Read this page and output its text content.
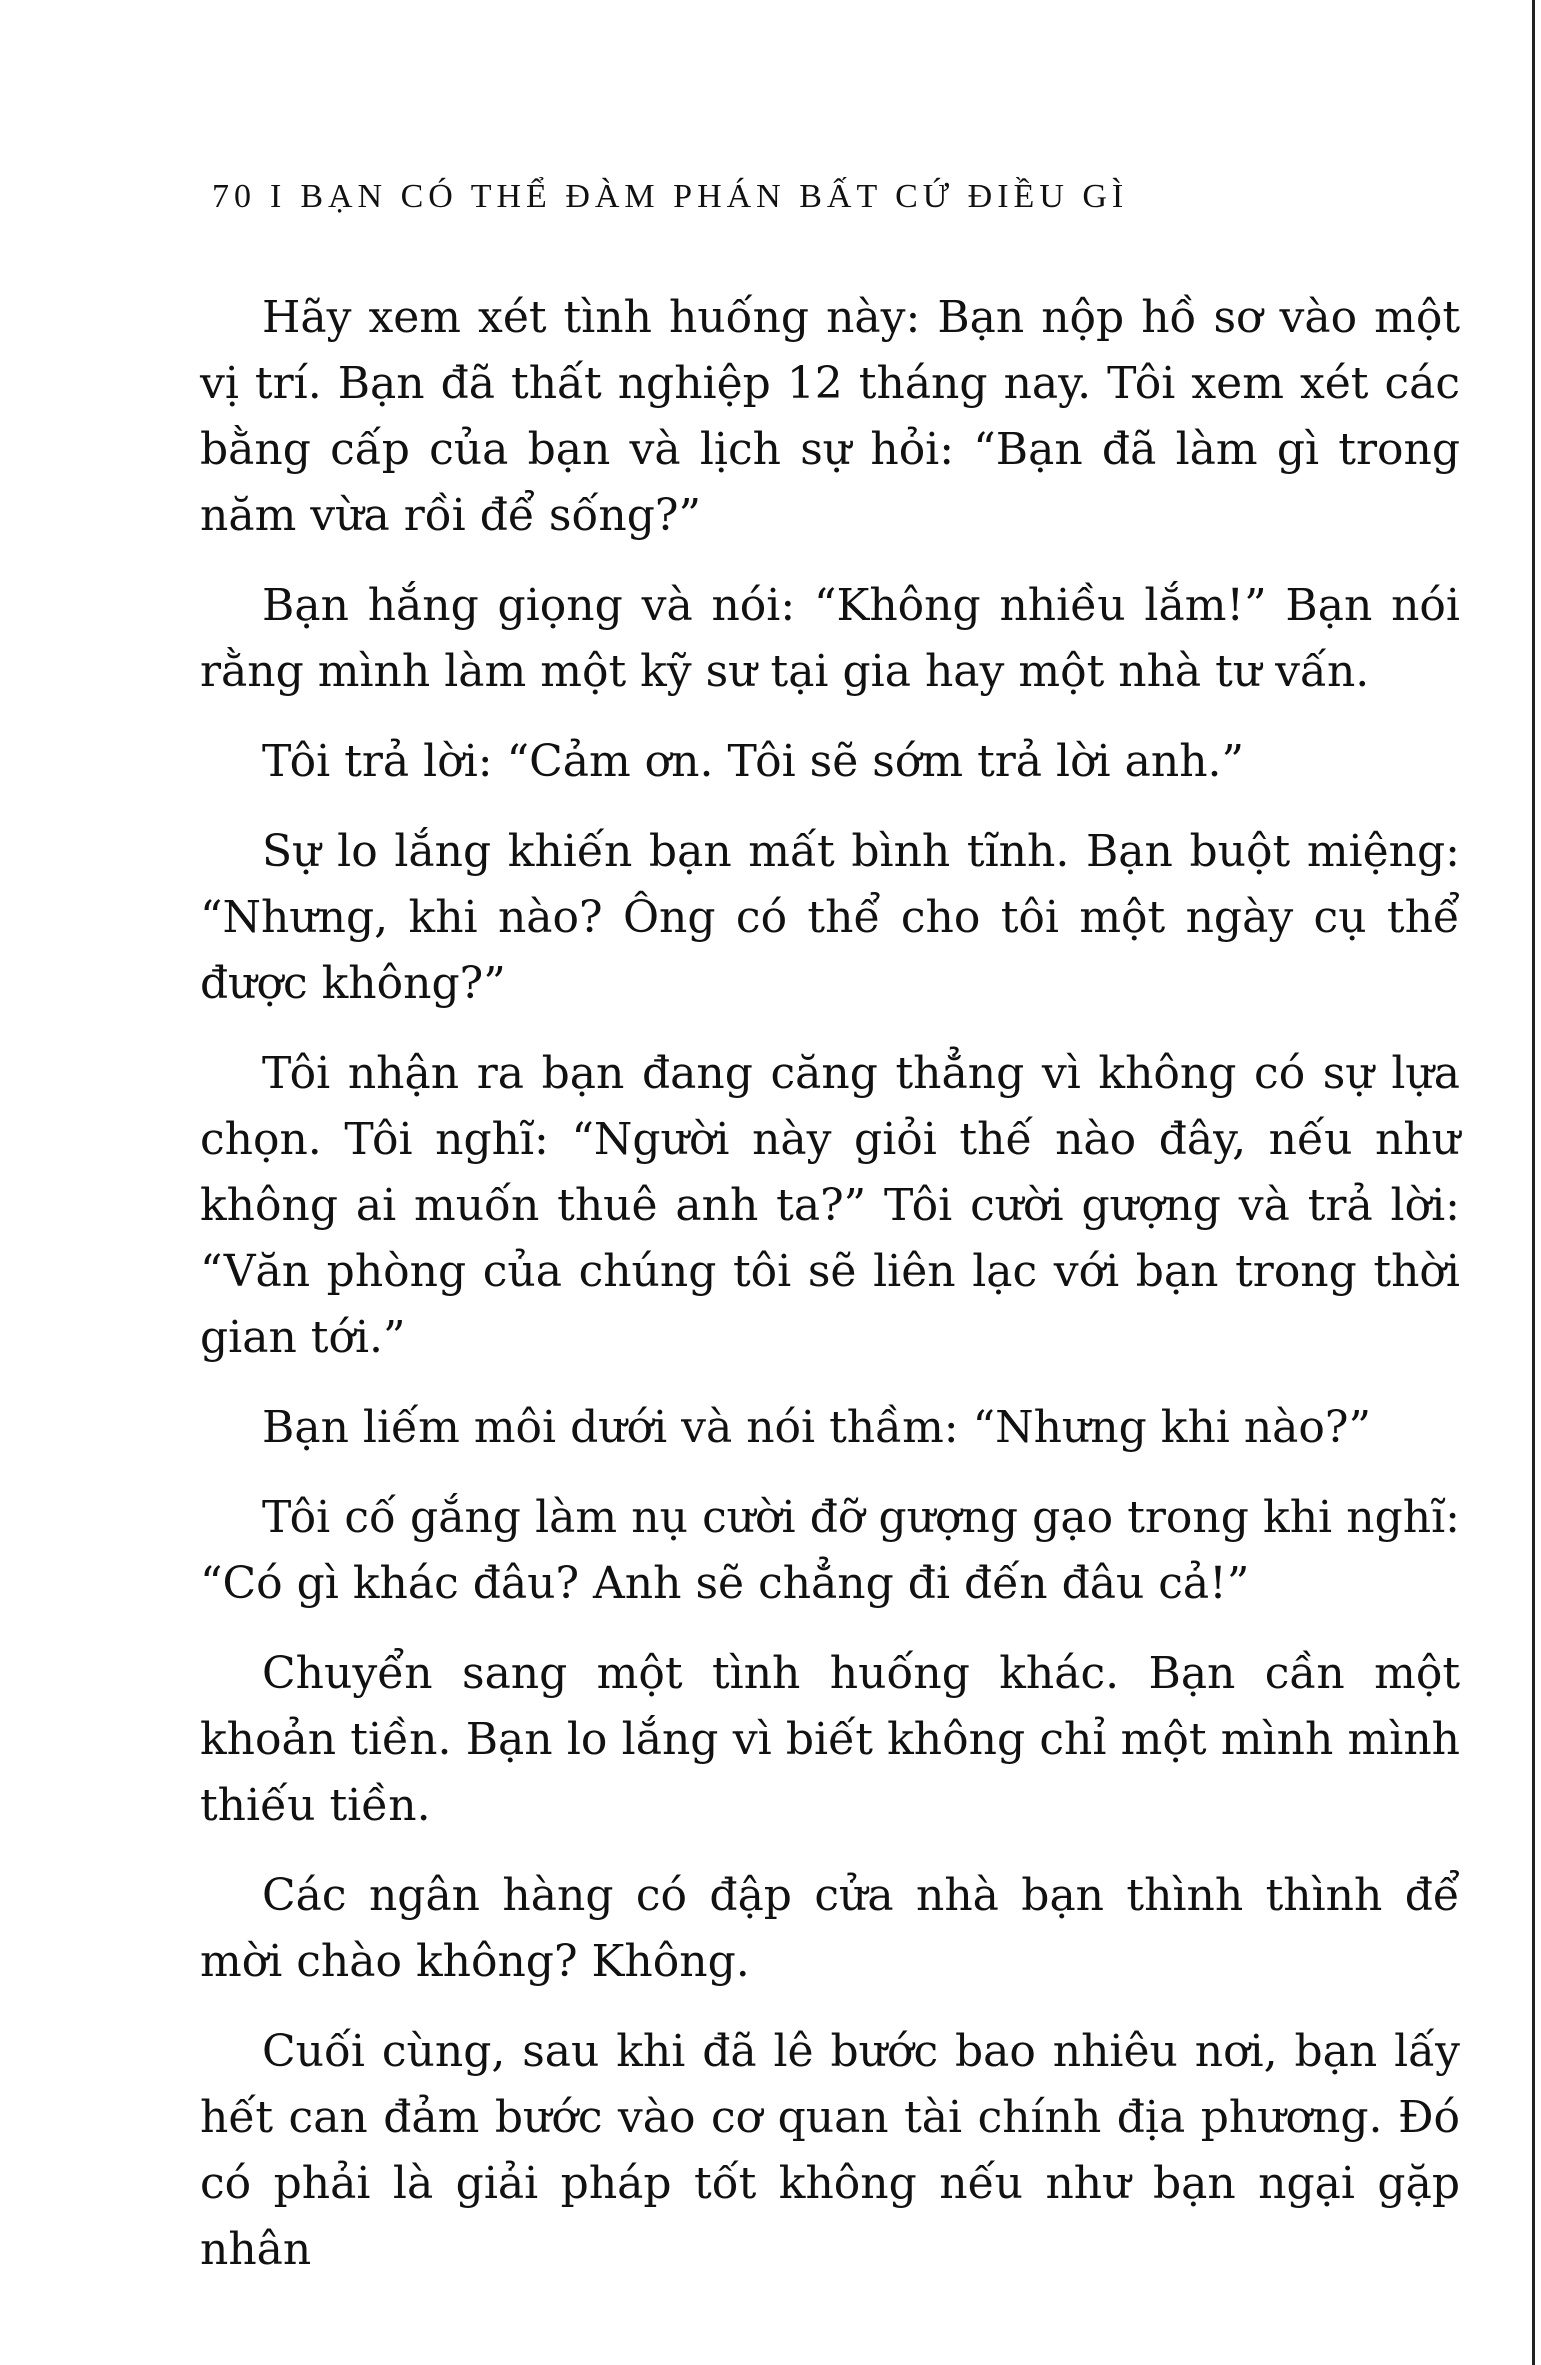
70 I BẠN CÓ THỂ ĐÀM PHÁN BẤT CỨ ĐIỀU GÌ

Hãy xem xét tình huống này: Bạn nộp hồ sơ vào một vị trí. Bạn đã thất nghiệp 12 tháng nay. Tôi xem xét các bằng cấp của bạn và lịch sự hỏi: “Bạn đã làm gì trong năm vừa rồi để sống?”

Bạn hắng giọng và nói: “Không nhiều lắm!” Bạn nói rằng mình làm một kỹ sư tại gia hay một nhà tư vấn.

Tôi trả lời: “Cảm ơn. Tôi sẽ sớm trả lời anh.”

Sự lo lắng khiến bạn mất bình tĩnh. Bạn buột miệng: “Nhưng, khi nào? Ông có thể cho tôi một ngày cụ thể được không?”

Tôi nhận ra bạn đang căng thẳng vì không có sự lựa chọn. Tôi nghĩ: “Người này giỏi thế nào đây, nếu như không ai muốn thuê anh ta?” Tôi cười gượng và trả lời: “Văn phòng của chúng tôi sẽ liên lạc với bạn trong thời gian tới.”

Bạn liếm môi dưới và nói thầm: “Nhưng khi nào?”

Tôi cố gắng làm nụ cười đỡ gượng gạo trong khi nghĩ: “Có gì khác đâu? Anh sẽ chẳng đi đến đâu cả!”

Chuyển sang một tình huống khác. Bạn cần một khoản tiền. Bạn lo lắng vì biết không chỉ một mình mình thiếu tiền.

Các ngân hàng có đập cửa nhà bạn thình thình để mời chào không? Không.

Cuối cùng, sau khi đã lê bước bao nhiêu nơi, bạn lấy hết can đảm bước vào cơ quan tài chính địa phương. Đó có phải là giải pháp tốt không nếu như bạn ngại gặp nhân
